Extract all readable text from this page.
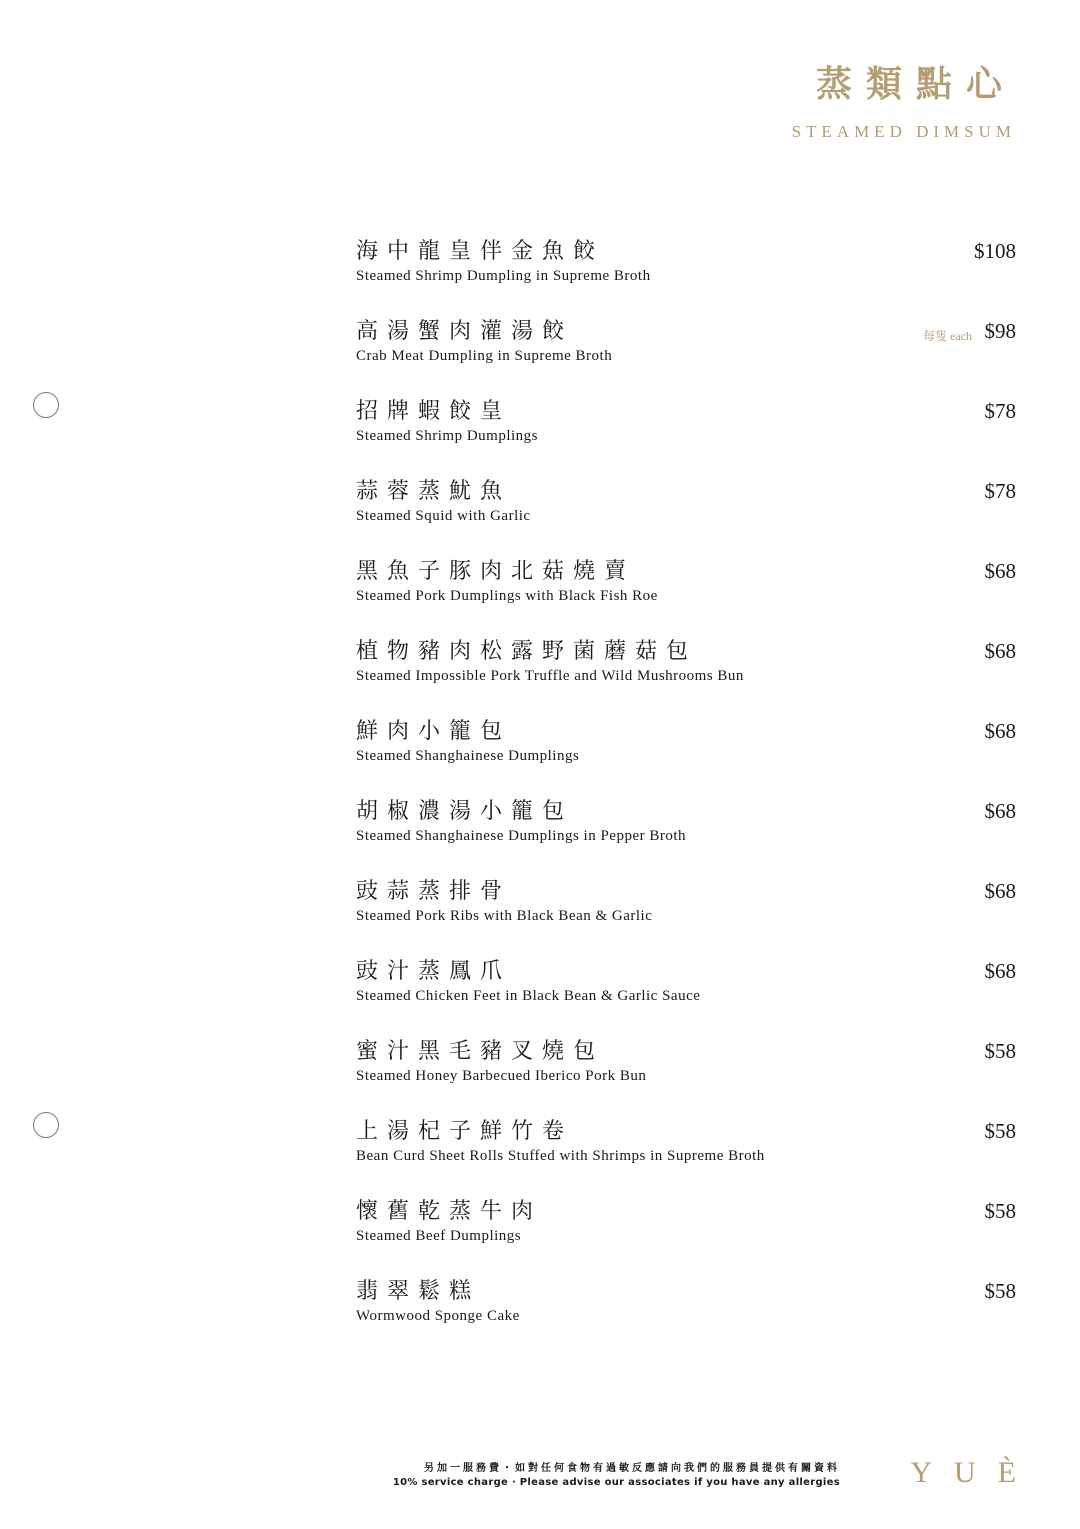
蒸類點心
STEAMED DIMSUM
海中龍皇伴金魚餃
Steamed Shrimp Dumpling in Supreme Broth
$108
高湯蟹肉灌湯餃
Crab Meat Dumpling in Supreme Broth
每隻 each $98
招牌蝦餃皇
Steamed Shrimp Dumplings
$78
蒜蓉蒸魷魚
Steamed Squid with Garlic
$78
黑魚子豚肉北菇燒賣
Steamed Pork Dumplings with Black Fish Roe
$68
植物豬肉松露野菌蘑菇包
Steamed Impossible Pork Truffle and Wild Mushrooms Bun
$68
鮮肉小籠包
Steamed Shanghainese Dumplings
$68
胡椒濃湯小籠包
Steamed Shanghainese Dumplings in Pepper Broth
$68
豉蒜蒸排骨
Steamed Pork Ribs with Black Bean & Garlic
$68
豉汁蒸鳳爪
Steamed Chicken Feet in Black Bean & Garlic Sauce
$68
蜜汁黑毛豬叉燒包
Steamed Honey Barbecued Iberico Pork Bun
$58
上湯杞子鮮竹卷
Bean Curd Sheet Rolls Stuffed with Shrimps in Supreme Broth
$58
懷舊乾蒸牛肉
Steamed Beef Dumplings
$58
翡翠鬆糕
Wormwood Sponge Cake
$58
另加一服務費・如對任何食物有過敏反應請向我們的服務員提供有關資料
10% service charge · Please advise our associates if you have any allergies YUÈ
